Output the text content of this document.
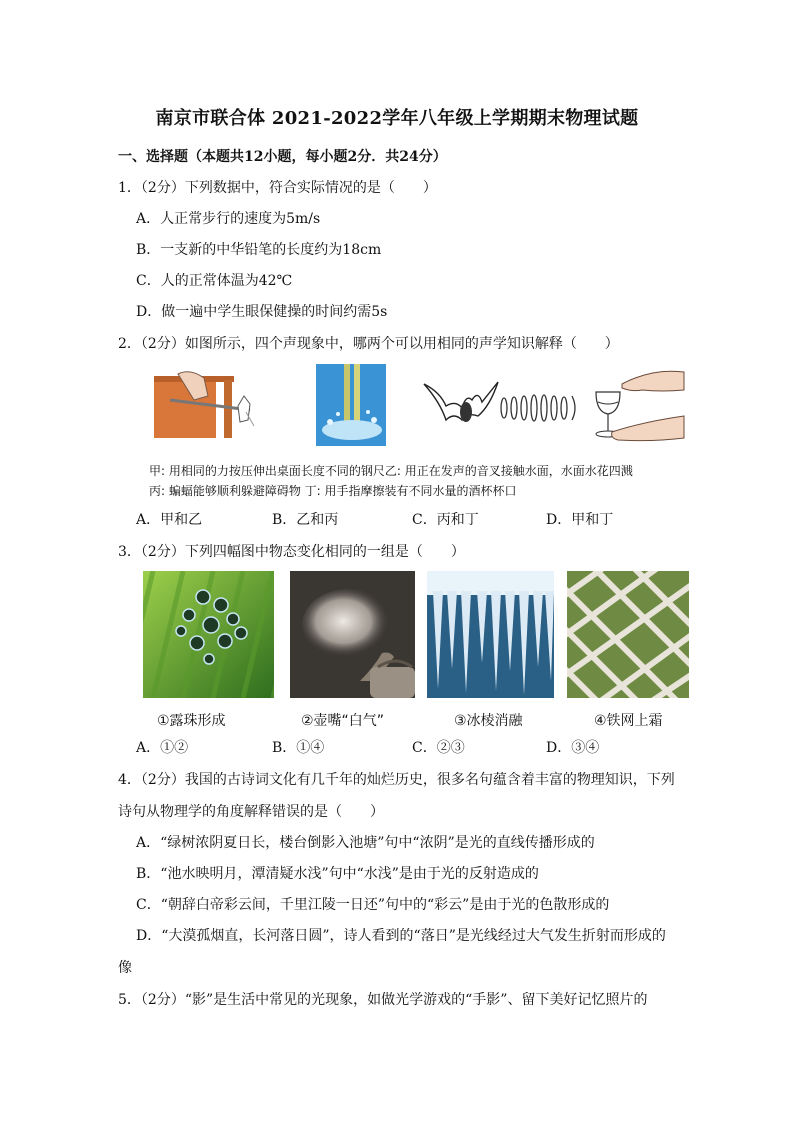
南京市联合体 2021-2022学年八年级上学期期末物理试题
一、选择题（本题共12小题，每小题2分．共24分）
1．（2分）下列数据中，符合实际情况的是（　　）
A．人正常步行的速度为5m/s
B．一支新的中华铅笔的长度约为18cm
C．人的正常体温为42℃
D．做一遍中学生眼保健操的时间约需5s
2．（2分）如图所示，四个声现象中，哪两个可以用相同的声学知识解释（　　）
甲: 用相同的力按压伸出桌面长度不同的钢尺乙: 用正在发声的音叉接触水面，水面水花四溅
丙: 蝙蝠能够顺利躲避障碍物 丁: 用手指摩擦装有不同水量的酒杯杯口
A．甲和乙	B．乙和丙	C．丙和丁	D．甲和丁
3．（2分）下列四幅图中物态变化相同的一组是（　　）
①露珠形成	②壶嘴“白气”	③冰棱消融	④铁网上霜
A．①②	B．①④	C．②③	D．③④
4．（2分）我国的古诗词文化有几千年的灿烂历史，很多名句蕴含着丰富的物理知识，下列
诗句从物理学的角度解释错误的是（　　）
A．“绿树浓阴夏日长，楼台倒影入池塘”句中“浓阴”是光的直线传播形成的
B．“池水映明月，潭清疑水浅”句中“水浅”是由于光的反射造成的
C．“朝辞白帝彩云间，千里江陵一日还”句中的“彩云”是由于光的色散形成的
D．“大漠孤烟直，长河落日圆”，诗人看到的“落日”是光线经过大气发生折射而形成的
像
5．（2分）“影”是生活中常见的光现象，如做光学游戏的“手影”、留下美好记忆照片的
